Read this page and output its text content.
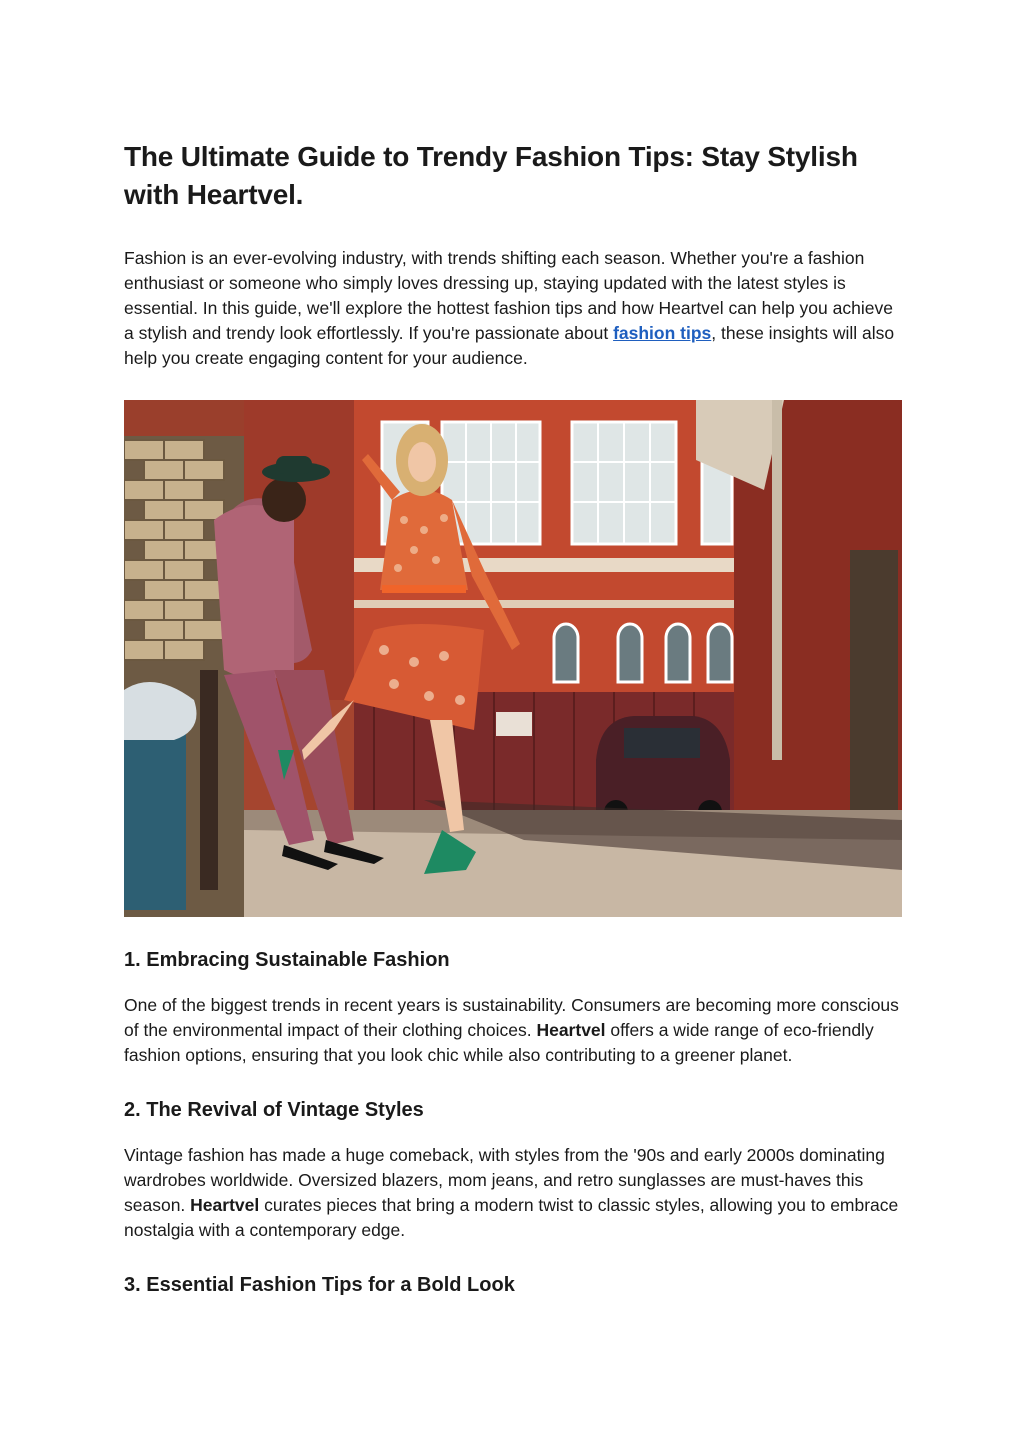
The Ultimate Guide to Trendy Fashion Tips: Stay Stylish with Heartvel.

Fashion is an ever-evolving industry, with trends shifting each season. Whether you're a fashion enthusiast or someone who simply loves dressing up, staying updated with the latest styles is essential. In this guide, we'll explore the hottest fashion tips and how Heartvel can help you achieve a stylish and trendy look effortlessly. If you're passionate about fashion tips, these insights will also help you create engaging content for your audience.

1. Embracing Sustainable Fashion

One of the biggest trends in recent years is sustainability. Consumers are becoming more conscious of the environmental impact of their clothing choices. Heartvel offers a wide range of eco-friendly fashion options, ensuring that you look chic while also contributing to a greener planet.

2. The Revival of Vintage Styles

Vintage fashion has made a huge comeback, with styles from the '90s and early 2000s dominating wardrobes worldwide. Oversized blazers, mom jeans, and retro sunglasses are must-haves this season. Heartvel curates pieces that bring a modern twist to classic styles, allowing you to embrace nostalgia with a contemporary edge.

3. Essential Fashion Tips for a Bold Look
